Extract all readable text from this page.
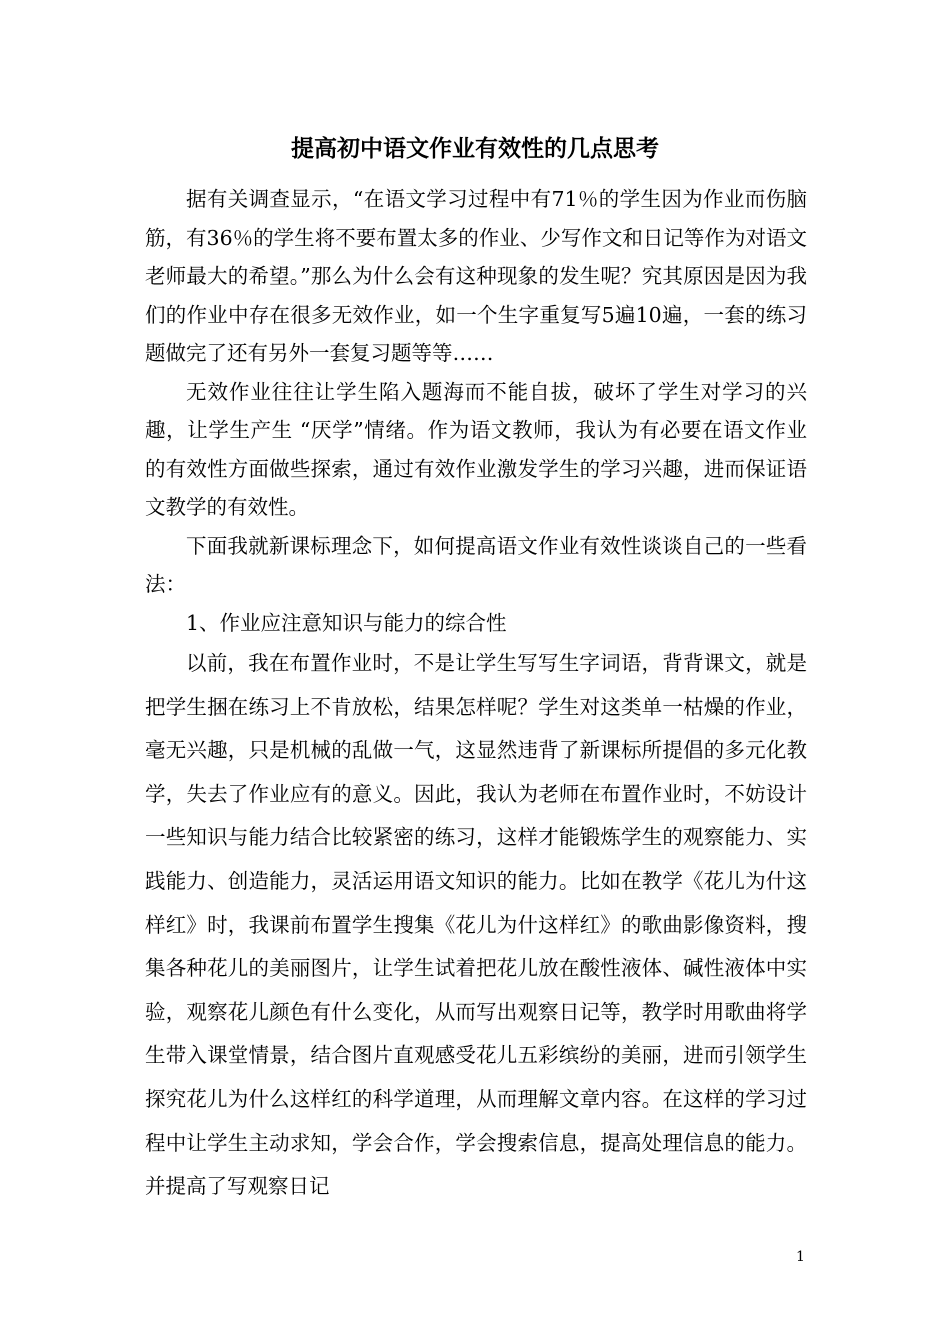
提高初中语文作业有效性的几点思考

据有关调查显示，“在语文学习过程中有71％的学生因为作业而伤脑筋，有36％的学生将不要布置太多的作业、少写作文和日记等作为对语文老师最大的希望。”那么为什么会有这种现象的发生呢？究其原因是因为我们的作业中存在很多无效作业，如一个生字重复写5遍10遍，一套的练习题做完了还有另外一套复习题等等……

无效作业往往让学生陷入题海而不能自拔，破坏了学生对学习的兴趣，让学生产生 “厌学”情绪。作为语文教师，我认为有必要在语文作业的有效性方面做些探索，通过有效作业激发学生的学习兴趣，进而保证语文教学的有效性。

下面我就新课标理念下，如何提高语文作业有效性谈谈自己的一些看法：

1、作业应注意知识与能力的综合性

以前，我在布置作业时，不是让学生写写生字词语，背背课文，就是把学生捆在练习上不肯放松，结果怎样呢？学生对这类单一枯燥的作业，毫无兴趣，只是机械的乱做一气，这显然违背了新课标所提倡的多元化教学，失去了作业应有的意义。因此，我认为老师在布置作业时，不妨设计一些知识与能力结合比较紧密的练习，这样才能锻炼学生的观察能力、实践能力、创造能力，灵活运用语文知识的能力。比如在教学《花儿为什这样红》时，我课前布置学生搜集《花儿为什这样红》的歌曲影像资料，搜集各种花儿的美丽图片，让学生试着把花儿放在酸性液体、碱性液体中实验，观察花儿颜色有什么变化，从而写出观察日记等，教学时用歌曲将学生带入课堂情景，结合图片直观感受花儿五彩缤纷的美丽，进而引领学生探究花儿为什么这样红的科学道理，从而理解文章内容。在这样的学习过程中让学生主动求知，学会合作，学会搜索信息，提高处理信息的能力。并提高了写观察日记

1
